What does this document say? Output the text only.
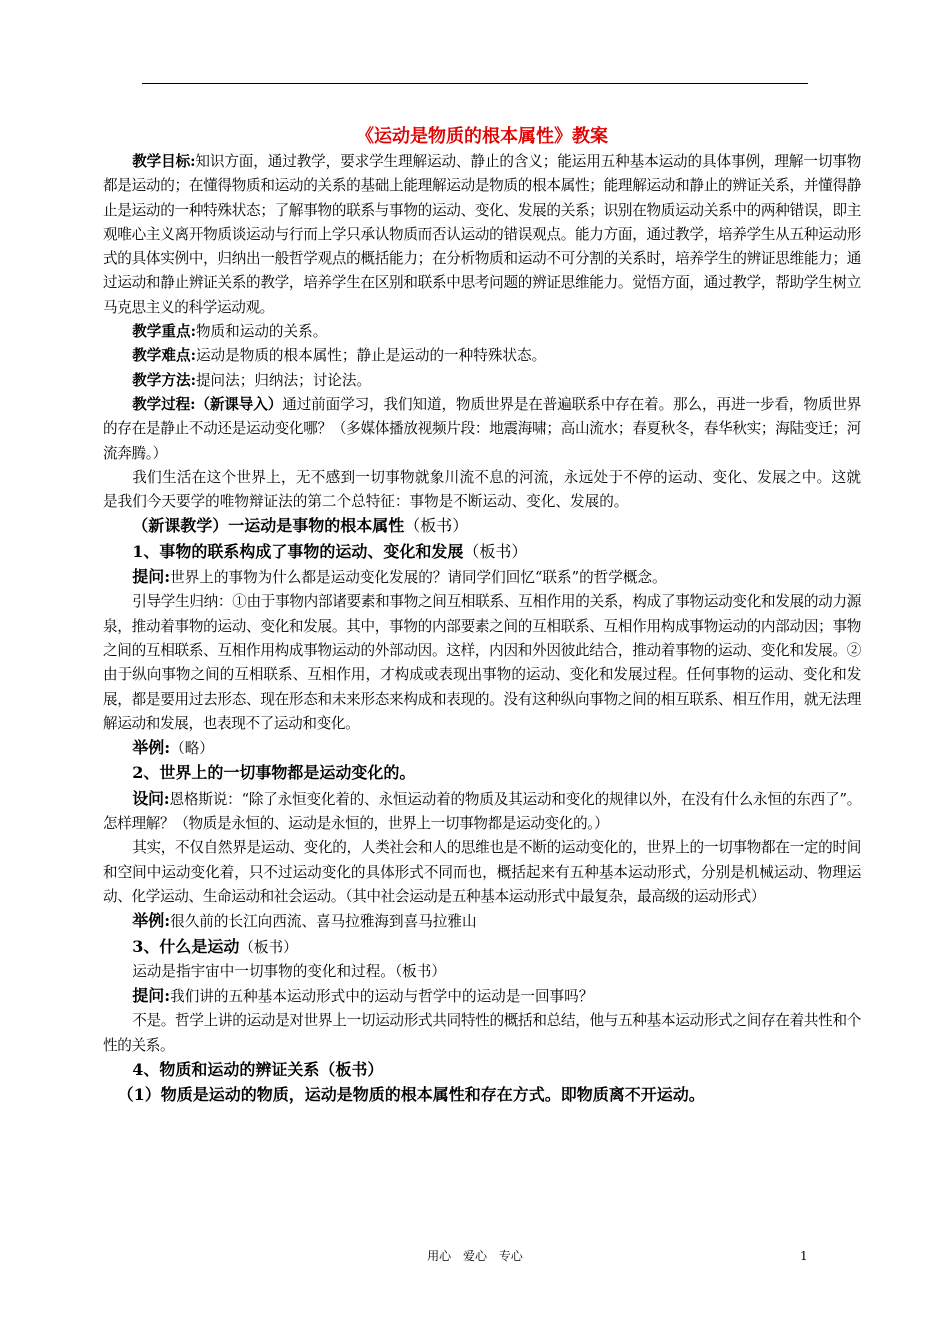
《运动是物质的根本属性》教案

教学目标:知识方面，通过教学，要求学生理解运动、静止的含义；能运用五种基本运动的具体事例，理解一切事物都是运动的；在懂得物质和运动的关系的基础上能理解运动是物质的根本属性；能理解运动和静止的辨证关系，并懂得静止是运动的一种特殊状态；了解事物的联系与事物的运动、变化、发展的关系；识别在物质运动关系中的两种错误，即主观唯心主义离开物质谈运动与行而上学只承认物质而否认运动的错误观点。能力方面，通过教学，培养学生从五种运动形式的具体实例中，归纳出一般哲学观点的概括能力；在分析物质和运动不可分割的关系时，培养学生的辨证思维能力；通过运动和静止辨证关系的教学，培养学生在区别和联系中思考问题的辨证思维能力。觉悟方面，通过教学，帮助学生树立马克思主义的科学运动观。

教学重点:物质和运动的关系。

教学难点:运动是物质的根本属性；静止是运动的一种特殊状态。

教学方法:提问法；归纳法；讨论法。

教学过程:（新课导入）通过前面学习，我们知道，物质世界是在普遍联系中存在着。那么，再进一步看，物质世界的存在是静止不动还是运动变化哪？（多媒体播放视频片段：地震海啸；高山流水；春夏秋冬，春华秋实；海陆变迁；河流奔腾。）

我们生活在这个世界上，无不感到一切事物就象川流不息的河流，永远处于不停的运动、变化、发展之中。这就是我们今天要学的唯物辩证法的第二个总特征：事物是不断运动、变化、发展的。

（新课教学）一运动是事物的根本属性（板书）

1、事物的联系构成了事物的运动、变化和发展（板书）

提问:世界上的事物为什么都是运动变化发展的？请同学们回忆“联系”的哲学概念。

引导学生归纳：①由于事物内部诸要素和事物之间互相联系、互相作用的关系，构成了事物运动变化和发展的动力源泉，推动着事物的运动、变化和发展。其中，事物的内部要素之间的互相联系、互相作用构成事物运动的内部动因；事物之间的互相联系、互相作用构成事物运动的外部动因。这样，内因和外因彼此结合，推动着事物的运动、变化和发展。②由于纵向事物之间的互相联系、互相作用，才构成或表现出事物的运动、变化和发展过程。任何事物的运动、变化和发展，都是要用过去形态、现在形态和未来形态来构成和表现的。没有这种纵向事物之间的相互联系、相互作用，就无法理解运动和发展，也表现不了运动和变化。

举例:（略）

2、世界上的一切事物都是运动变化的。

设问:恩格斯说：“除了永恒变化着的、永恒运动着的物质及其运动和变化的规律以外，在没有什么永恒的东西了”。怎样理解？（物质是永恒的、运动是永恒的，世界上一切事物都是运动变化的。）

其实，不仅自然界是运动、变化的，人类社会和人的思维也是不断的运动变化的，世界上的一切事物都在一定的时间和空间中运动变化着，只不过运动变化的具体形式不同而也，概括起来有五种基本运动形式，分别是机械运动、物理运动、化学运动、生命运动和社会运动。（其中社会运动是五种基本运动形式中最复杂，最高级的运动形式）

举例:很久前的长江向西流、喜马拉雅海到喜马拉雅山

3、什么是运动（板书）

运动是指宇宙中一切事物的变化和过程。（板书）

提问:我们讲的五种基本运动形式中的运动与哲学中的运动是一回事吗？

不是。哲学上讲的运动是对世界上一切运动形式共同特性的概括和总结，他与五种基本运动形式之间存在着共性和个性的关系。

4、物质和运动的辨证关系（板书）

（1）物质是运动的物质，运动是物质的根本属性和存在方式。即物质离不开运动。

用心 爱心 专心	1
